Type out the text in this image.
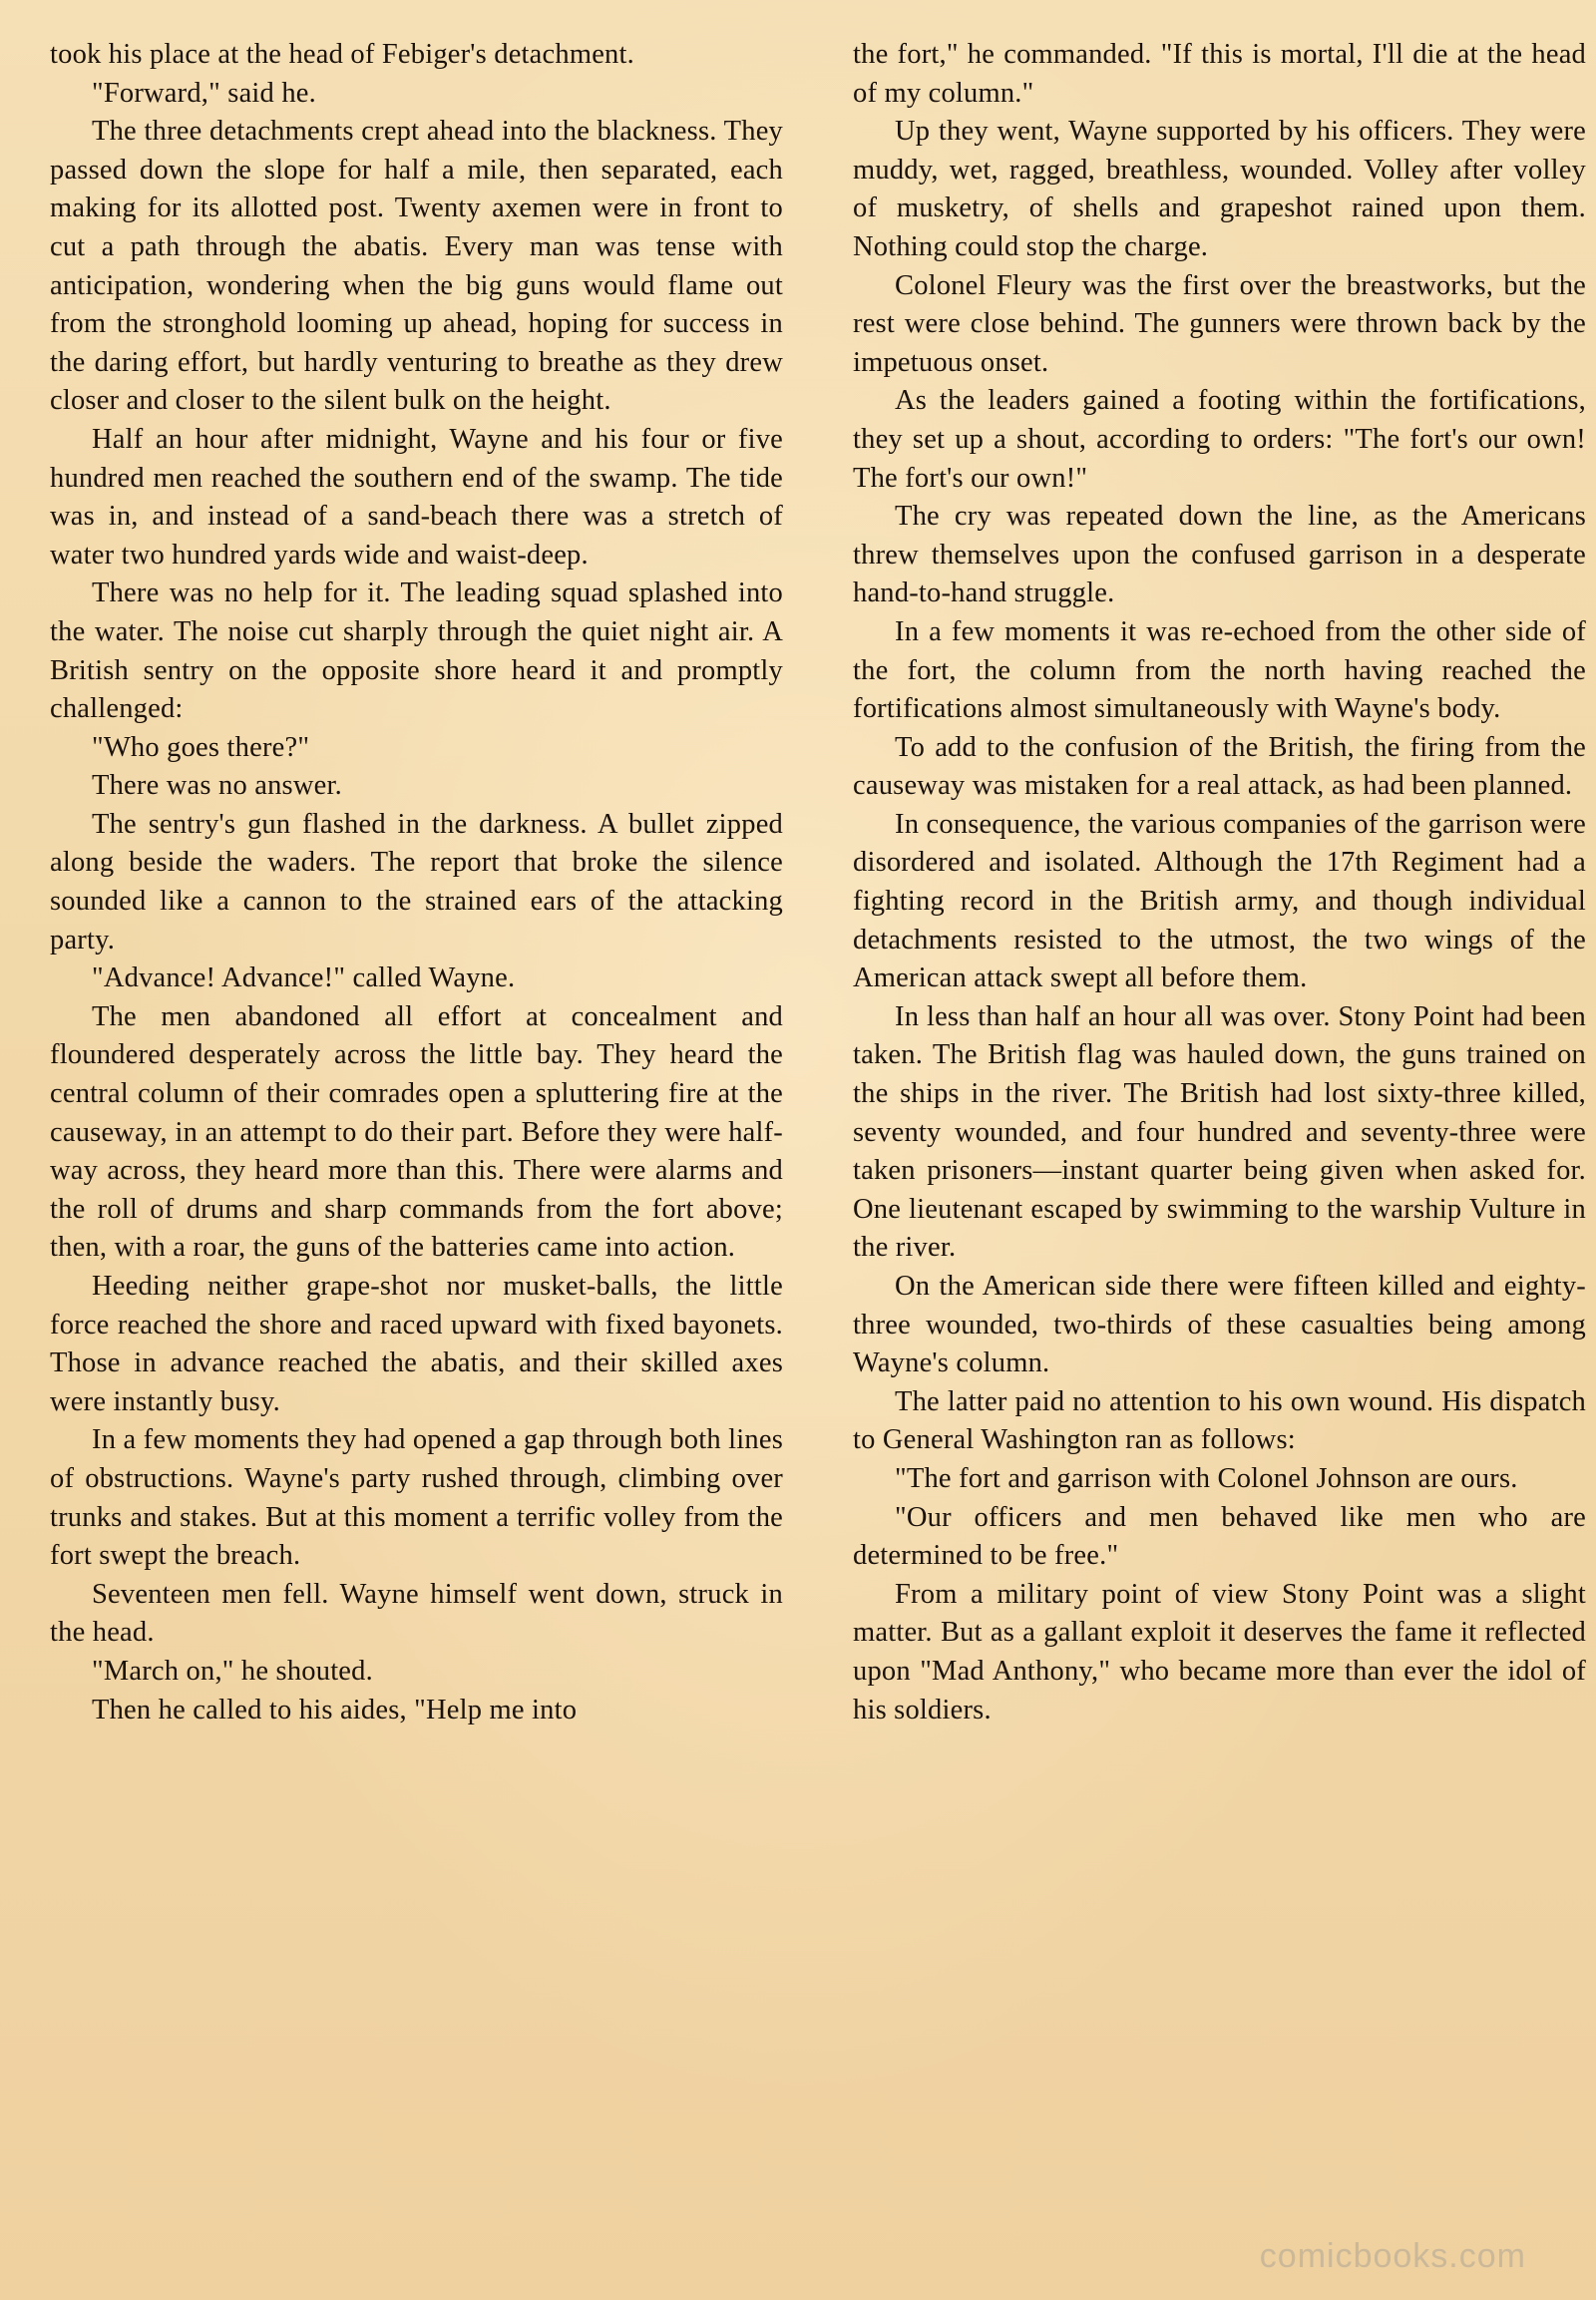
took his place at the head of Febiger's detachment.

"Forward," said he.

The three detachments crept ahead into the blackness. They passed down the slope for half a mile, then separated, each making for its allotted post. Twenty axemen were in front to cut a path through the abatis. Every man was tense with anticipation, wondering when the big guns would flame out from the stronghold looming up ahead, hoping for success in the daring effort, but hardly venturing to breathe as they drew closer and closer to the silent bulk on the height.

Half an hour after midnight, Wayne and his four or five hundred men reached the southern end of the swamp. The tide was in, and instead of a sand-beach there was a stretch of water two hundred yards wide and waist-deep.

There was no help for it. The leading squad splashed into the water. The noise cut sharply through the quiet night air. A British sentry on the opposite shore heard it and promptly challenged:

"Who goes there?"

There was no answer.

The sentry's gun flashed in the darkness. A bullet zipped along beside the waders. The report that broke the silence sounded like a cannon to the strained ears of the attacking party.

"Advance! Advance!" called Wayne.

The men abandoned all effort at concealment and floundered desperately across the little bay. They heard the central column of their comrades open a spluttering fire at the causeway, in an attempt to do their part. Before they were half-way across, they heard more than this. There were alarms and the roll of drums and sharp commands from the fort above; then, with a roar, the guns of the batteries came into action.

Heeding neither grape-shot nor musket-balls, the little force reached the shore and raced upward with fixed bayonets. Those in advance reached the abatis, and their skilled axes were instantly busy.

In a few moments they had opened a gap through both lines of obstructions. Wayne's party rushed through, climbing over trunks and stakes. But at this moment a terrific volley from the fort swept the breach.

Seventeen men fell. Wayne himself went down, struck in the head.

"March on," he shouted.

Then he called to his aides, "Help me into

the fort," he commanded. "If this is mortal, I'll die at the head of my column."

Up they went, Wayne supported by his officers. They were muddy, wet, ragged, breathless, wounded. Volley after volley of musketry, of shells and grapeshot rained upon them. Nothing could stop the charge.

Colonel Fleury was the first over the breastworks, but the rest were close behind. The gunners were thrown back by the impetuous onset.

As the leaders gained a footing within the fortifications, they set up a shout, according to orders: "The fort's our own! The fort's our own!"

The cry was repeated down the line, as the Americans threw themselves upon the confused garrison in a desperate hand-to-hand struggle.

In a few moments it was re-echoed from the other side of the fort, the column from the north having reached the fortifications almost simultaneously with Wayne's body.

To add to the confusion of the British, the firing from the causeway was mistaken for a real attack, as had been planned.

In consequence, the various companies of the garrison were disordered and isolated. Although the 17th Regiment had a fighting record in the British army, and though individual detachments resisted to the utmost, the two wings of the American attack swept all before them.

In less than half an hour all was over. Stony Point had been taken. The British flag was hauled down, the guns trained on the ships in the river. The British had lost sixty-three killed, seventy wounded, and four hundred and seventy-three were taken prisoners—instant quarter being given when asked for. One lieutenant escaped by swimming to the warship Vulture in the river.

On the American side there were fifteen killed and eighty-three wounded, two-thirds of these casualties being among Wayne's column.

The latter paid no attention to his own wound. His dispatch to General Washington ran as follows:

"The fort and garrison with Colonel Johnson are ours.

"Our officers and men behaved like men who are determined to be free."

From a military point of view Stony Point was a slight matter. But as a gallant exploit it deserves the fame it reflected upon "Mad Anthony," who became more than ever the idol of his soldiers.

comicbooks.com
